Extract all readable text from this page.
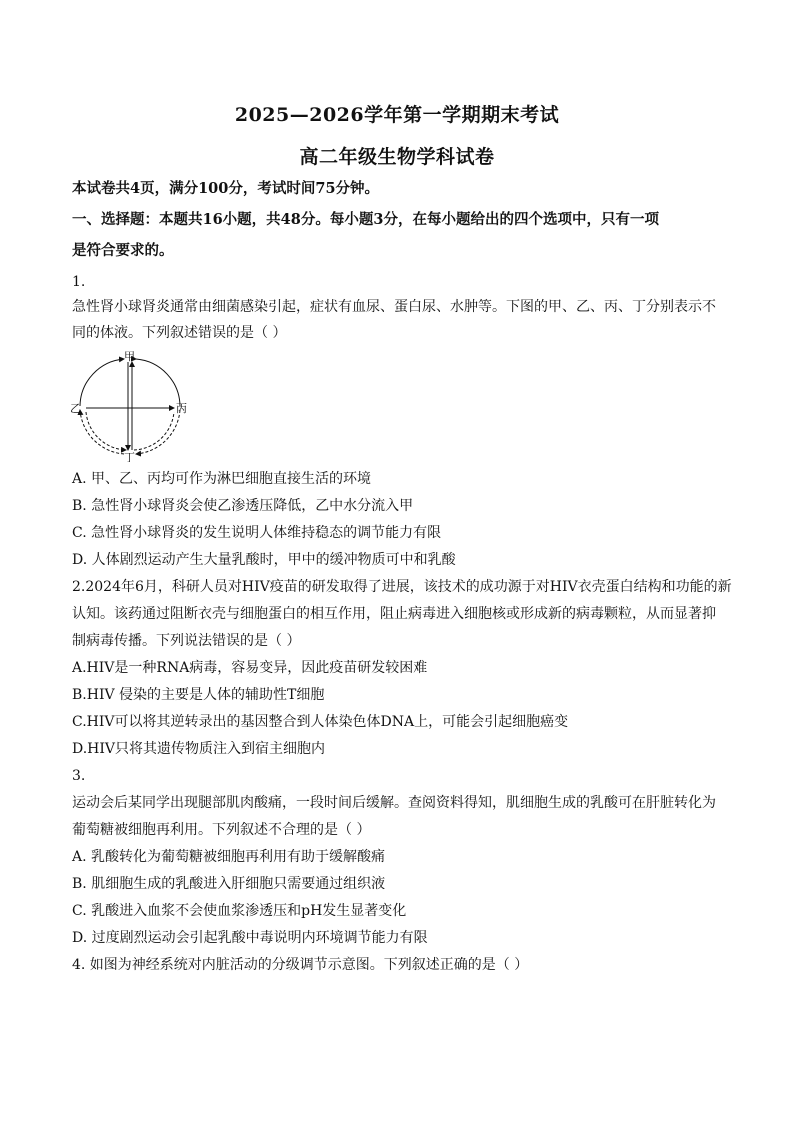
2025—2026学年第一学期期末考试
高二年级生物学科试卷
本试卷共4页，满分100分，考试时间75分钟。
一、选择题：本题共16小题，共48分。每小题3分，在每小题给出的四个选项中，只有一项
是符合要求的。
1.
急性肾小球肾炎通常由细菌感染引起，症状有血尿、蛋白尿、水肿等。下图的甲、乙、丙、丁分别表示不
同的体液。下列叙述错误的是（ ）
甲
乙	丙
丁
A. 甲、乙、丙均可作为淋巴细胞直接生活的环境
B. 急性肾小球肾炎会使乙渗透压降低，乙中水分流入甲
C. 急性肾小球肾炎的发生说明人体维持稳态的调节能力有限
D. 人体剧烈运动产生大量乳酸时，甲中的缓冲物质可中和乳酸
2.2024年6月，科研人员对HIV疫苗的研发取得了进展，该技术的成功源于对HIV衣壳蛋白结构和功能的新
认知。该药通过阻断衣壳与细胞蛋白的相互作用，阻止病毒进入细胞核或形成新的病毒颗粒，从而显著抑
制病毒传播。下列说法错误的是（ ）
A.HIV是一种RNA病毒，容易变异，因此疫苗研发较困难
B.HIV 侵染的主要是人体的辅助性T细胞
C.HIV可以将其逆转录出的基因整合到人体染色体DNA上，可能会引起细胞癌变
D.HIV只将其遗传物质注入到宿主细胞内
3.
运动会后某同学出现腿部肌肉酸痛，一段时间后缓解。查阅资料得知，肌细胞生成的乳酸可在肝脏转化为
葡萄糖被细胞再利用。下列叙述不合理的是（ ）
A. 乳酸转化为葡萄糖被细胞再利用有助于缓解酸痛
B. 肌细胞生成的乳酸进入肝细胞只需要通过组织液
C. 乳酸进入血浆不会使血浆渗透压和pH发生显著变化
D. 过度剧烈运动会引起乳酸中毒说明内环境调节能力有限
4. 如图为神经系统对内脏活动的分级调节示意图。下列叙述正确的是（ ）
